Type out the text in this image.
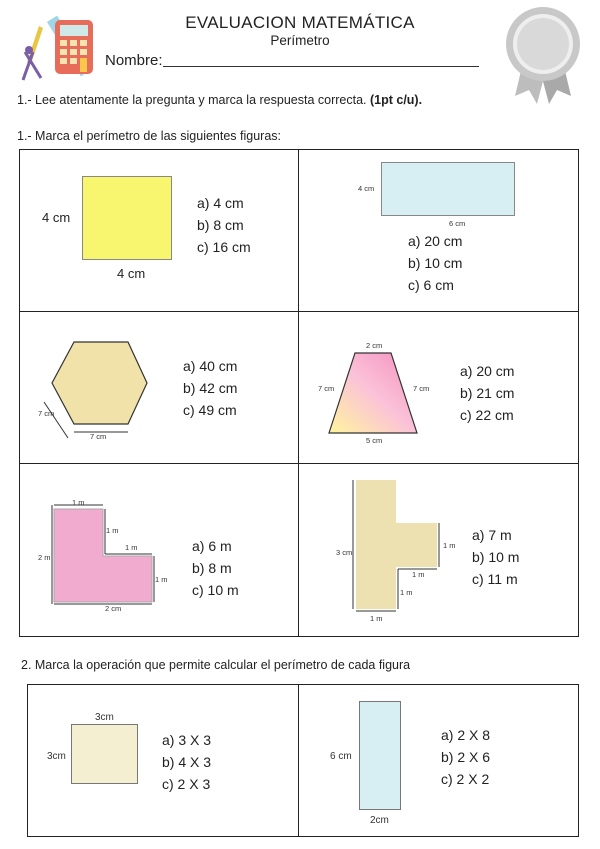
EVALUACION MATEMÁTICA
Perímetro
Nombre:
1.- Lee atentamente la pregunta y marca la respuesta correcta. (1pt c/u).
1.- Marca el perímetro de las siguientes figuras:
4 cm
4 cm
a) 4 cm
b) 8 cm
c) 16 cm
4 cm
6 cm
a) 20 cm
b) 10 cm
c) 6 cm
7 cm
7 cm
a) 40 cm
b) 42 cm
c) 49 cm
2 cm
7 cm	7 cm
5 cm
a) 20 cm
b) 21 cm
c) 22 cm
1 m
1 m
1 m
2 m
1 m
2 cm
a) 6 m
b) 8 m
c) 10 m
3 cm
1 m
1 m
1 m
1 m
a) 7 m
b) 10 m
c) 11 m
2. Marca la operación que permite calcular el perímetro de cada figura
3cm
3cm
a) 3 X 3
b) 4 X 3
c) 2 X 3
6 cm
2cm
a) 2 X 8
b) 2 X 6
c) 2 X 2
